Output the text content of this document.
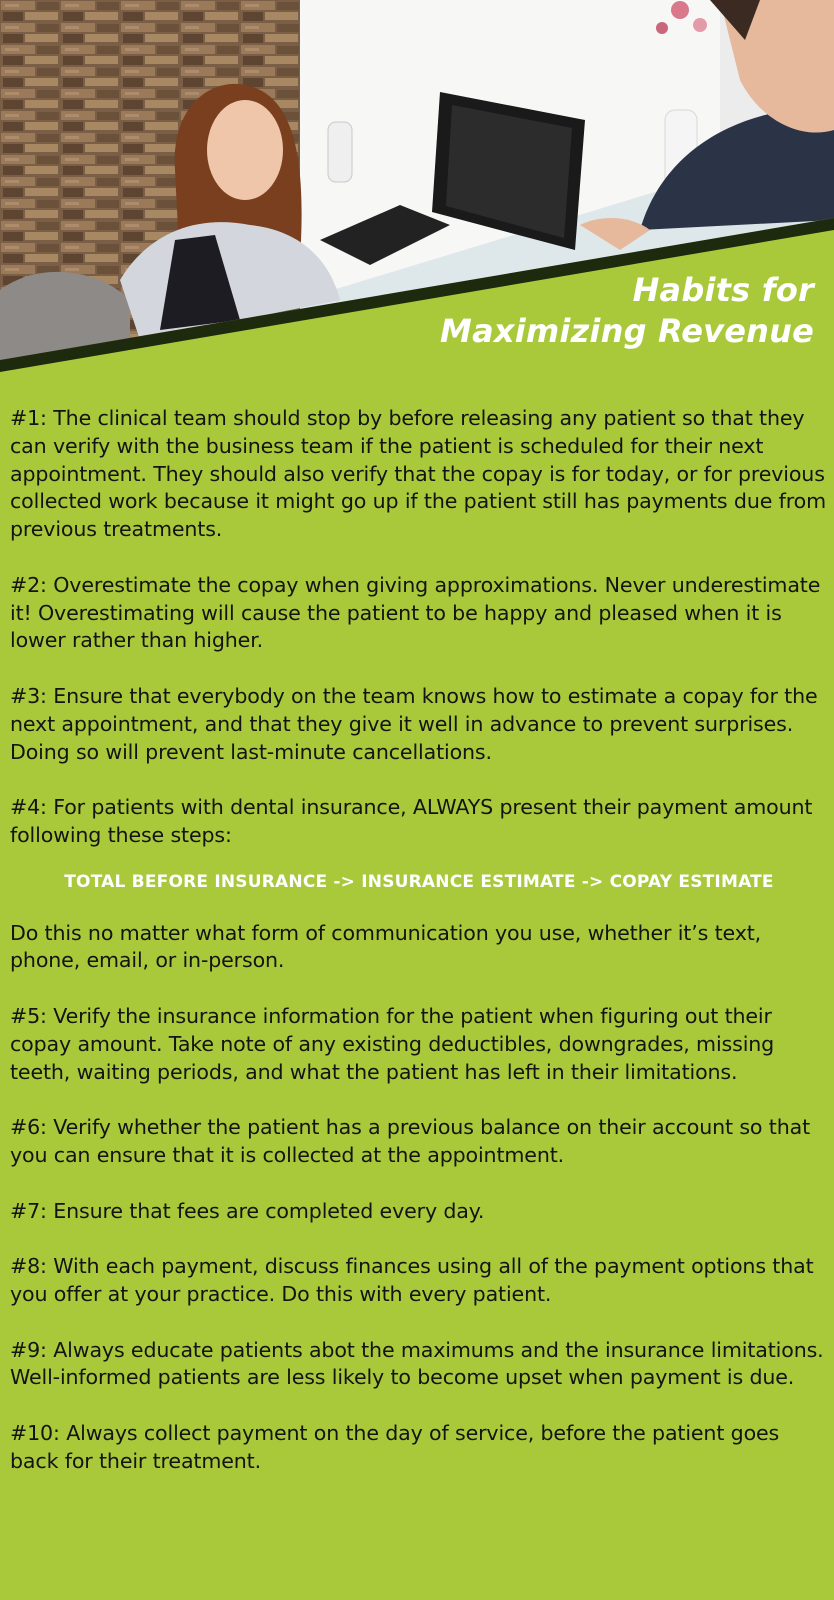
Habits for
Maximizing Revenue

#1: The clinical team should stop by before releasing any patient so that they can verify with the business team if the patient is scheduled for their next appointment. They should also verify that the copay is for today, or for previous collected work because it might go up if the patient still has payments due from previous treatments.

#2: Overestimate the copay when giving approximations. Never underestimate it! Overestimating will cause the patient to be happy and pleased when it is lower rather than higher.

#3: Ensure that everybody on the team knows how to estimate a copay for the next appointment, and that they give it well in advance to prevent surprises. Doing so will prevent last-minute cancellations.

#4: For patients with dental insurance, ALWAYS present their payment amount following these steps:

TOTAL BEFORE INSURANCE -> INSURANCE ESTIMATE -> COPAY ESTIMATE

Do this no matter what form of communication you use, whether it’s text, phone, email, or in-person.

#5: Verify the insurance information for the patient when figuring out their copay amount. Take note of any existing deductibles, downgrades, missing teeth, waiting periods, and what the patient has left in their limitations.

#6: Verify whether the patient has a previous balance on their account so that you can ensure that it is collected at the appointment.

#7: Ensure that fees are completed every day.

#8: With each payment, discuss finances using all of the payment options that you offer at your practice. Do this with every patient.

#9: Always educate patients abot the maximums and the insurance limitations. Well-informed patients are less likely to become upset when payment is due.

#10: Always collect payment on the day of service, before the patient goes back for their treatment.
